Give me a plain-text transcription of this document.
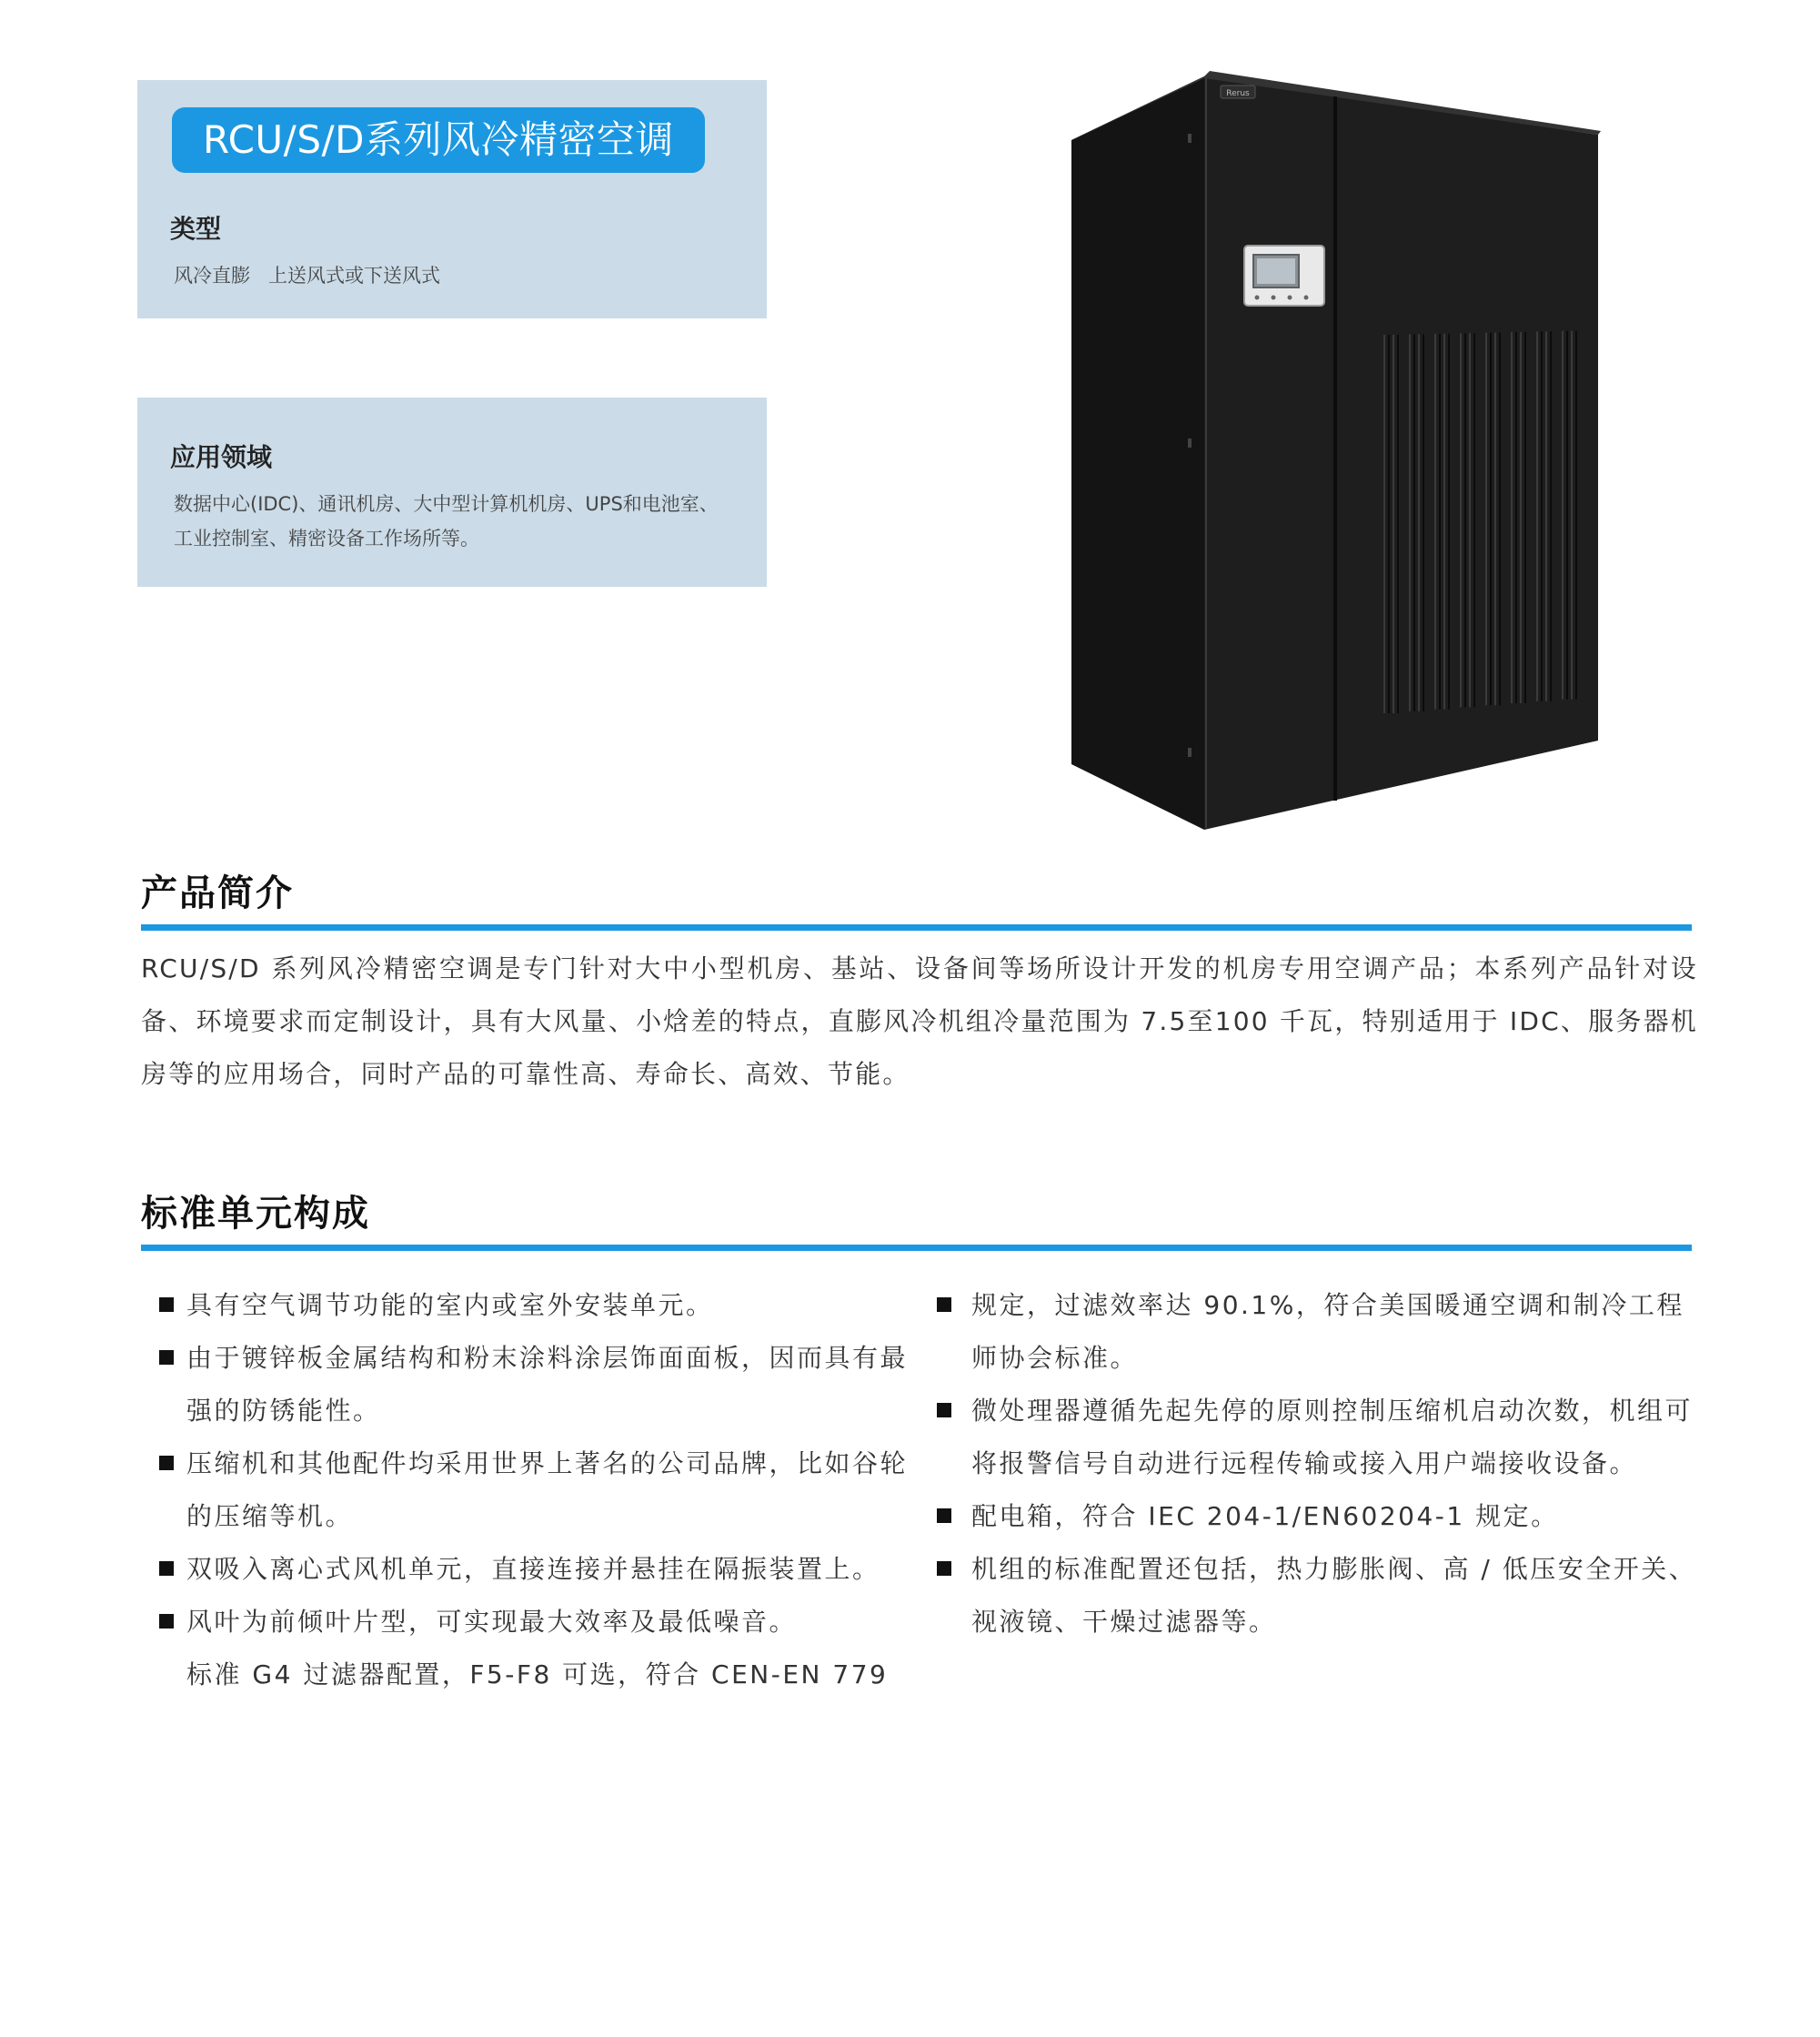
RCU/S/D系列风冷精密空调
类型
风冷直膨   上送风式或下送风式
应用领域
数据中心(IDC)、通讯机房、大中型计算机机房、UPS和电池室、
工业控制室、精密设备工作场所等。
Rerus
产品简介
RCU/S/D 系列风冷精密空调是专门针对大中小型机房、基站、设备间等场所设计开发的机房专用空调产品；本系列产品针对设备、环境要求而定制设计，具有大风量、小焓差的特点，直膨风冷机组冷量范围为 7.5至100 千瓦，特别适用于 IDC、服务器机房等的应用场合，同时产品的可靠性高、寿命长、高效、节能。
标准单元构成
具有空气调节功能的室内或室外安装单元。
由于镀锌板金属结构和粉末涂料涂层饰面面板，因而具有最强的防锈能性。
压缩机和其他配件均采用世界上著名的公司品牌，比如谷轮的压缩等机。
双吸入离心式风机单元，直接连接并悬挂在隔振装置上。
风叶为前倾叶片型，可实现最大效率及最低噪音。
标准 G4 过滤器配置，F5-F8 可选，符合 CEN-EN 779
规定，过滤效率达 90.1%，符合美国暖通空调和制冷工程师协会标准。
微处理器遵循先起先停的原则控制压缩机启动次数，机组可将报警信号自动进行远程传输或接入用户端接收设备。
配电箱，符合 IEC 204-1/EN60204-1 规定。
机组的标准配置还包括，热力膨胀阀、高 / 低压安全开关、视液镜、干燥过滤器等。
